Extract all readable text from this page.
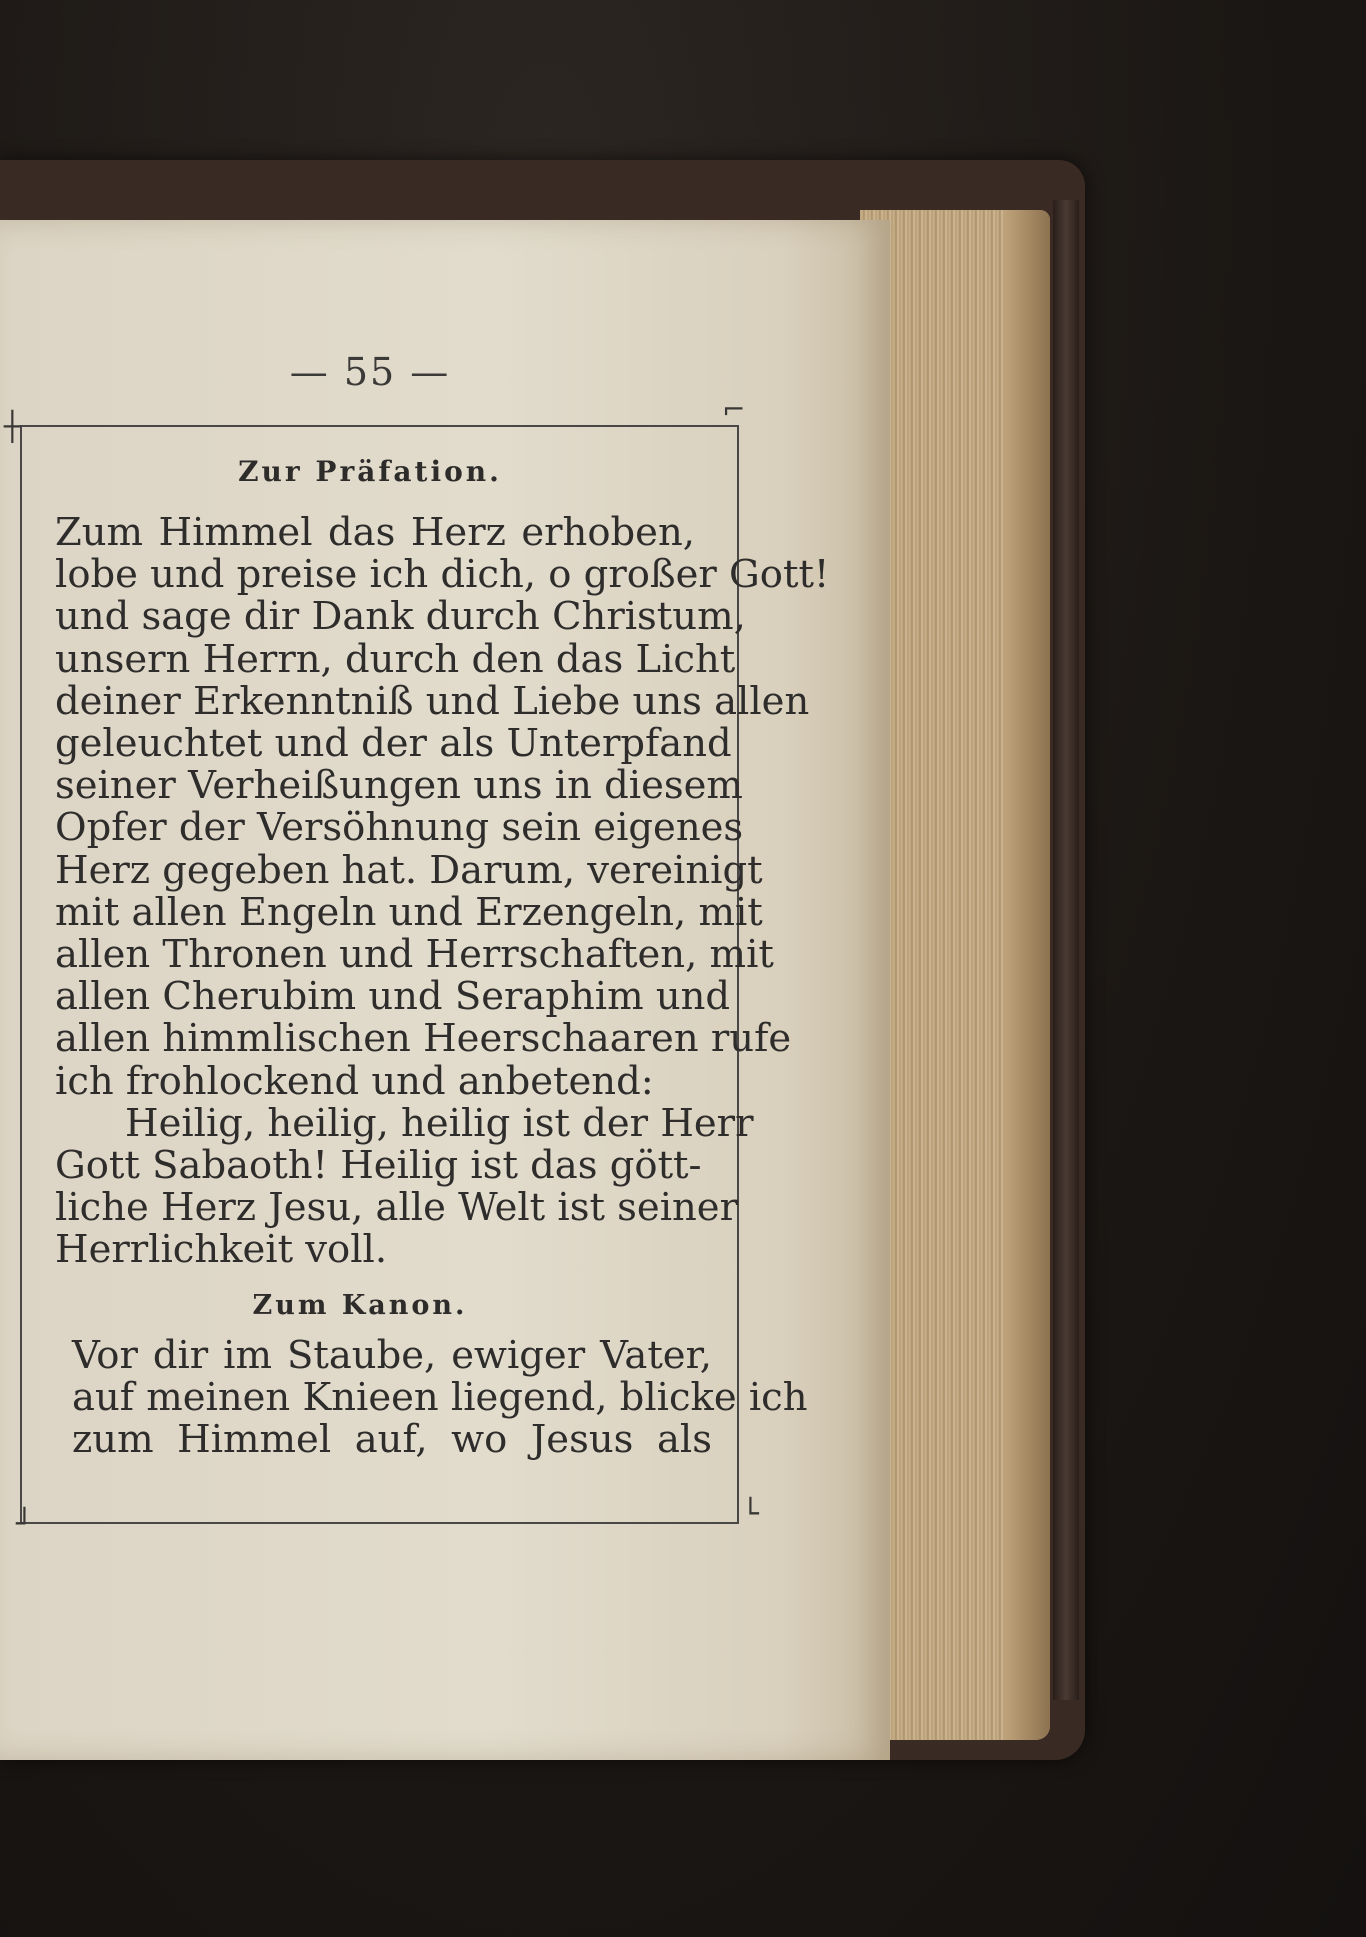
— 55 —
┼
⌐
┘	└
Zur Präfation.
Zum Himmel das Herz erhoben,
lobe und preise ich dich, o großer Gott!
und sage dir Dank durch Christum,
unsern Herrn, durch den das Licht
deiner Erkenntniß und Liebe uns allen
geleuchtet und der als Unterpfand
seiner Verheißungen uns in diesem
Opfer der Versöhnung sein eigenes
Herz gegeben hat. Darum, vereinigt
mit allen Engeln und Erzengeln, mit
allen Thronen und Herrschaften, mit
allen Cherubim und Seraphim und
allen himmlischen Heerschaaren rufe
ich frohlockend und anbetend:
Heilig, heilig, heilig ist der Herr
Gott Sabaoth! Heilig ist das gött-
liche Herz Jesu, alle Welt ist seiner
Herrlichkeit voll.
Zum Kanon.
Vor dir im Staube, ewiger Vater,
auf meinen Knieen liegend, blicke ich
zum Himmel auf, wo Jesus als
